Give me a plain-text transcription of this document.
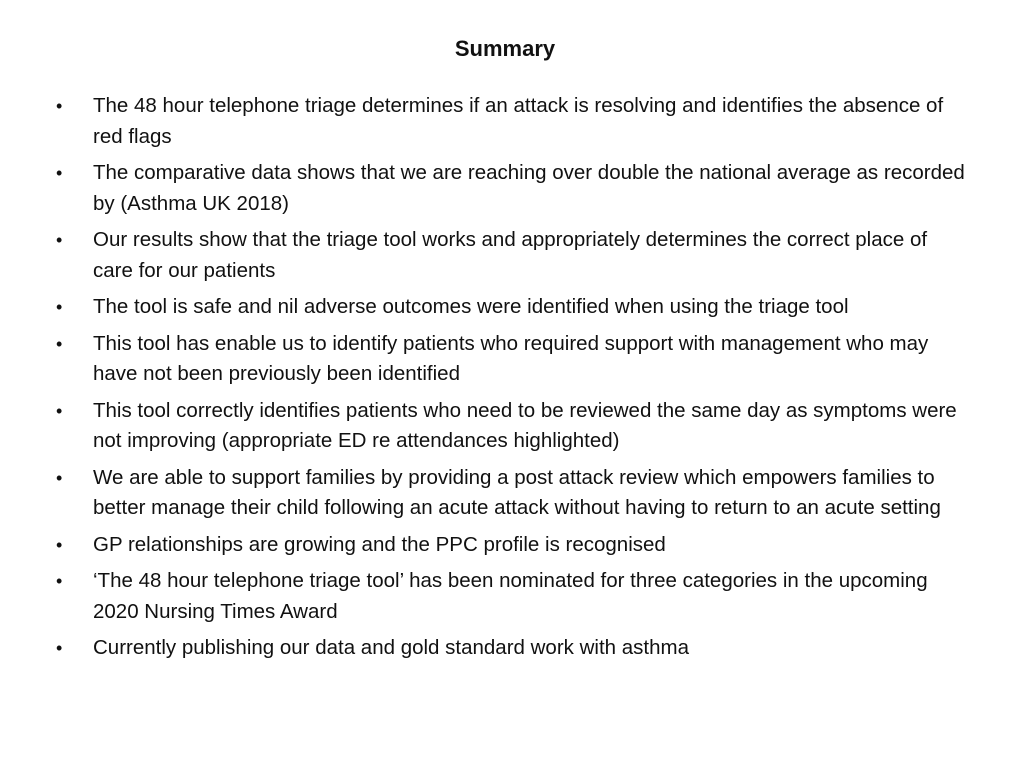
Summary
•	The 48 hour telephone triage determines if an attack is resolving and identifies the absence of red flags
•	The comparative data shows that we are reaching over double the national average as recorded by (Asthma UK 2018)
•	Our results show that the triage tool works and appropriately determines the correct place of care for our patients
•	The tool is safe and nil adverse outcomes were identified when using the triage tool
•	This tool has enable us to identify patients who required support with management who may have not been previously been identified
•	This tool correctly identifies patients who need to be reviewed the same day as symptoms were not improving (appropriate ED re attendances highlighted)
•	We are able to support families by providing a post attack review which empowers families to better manage their child following an acute attack without having to return to an acute setting
•	GP relationships are growing and the PPC profile is recognised
•	‘The 48 hour telephone triage tool’ has been nominated for three categories in the upcoming 2020 Nursing Times Award
•	Currently publishing our data and gold standard work with asthma
